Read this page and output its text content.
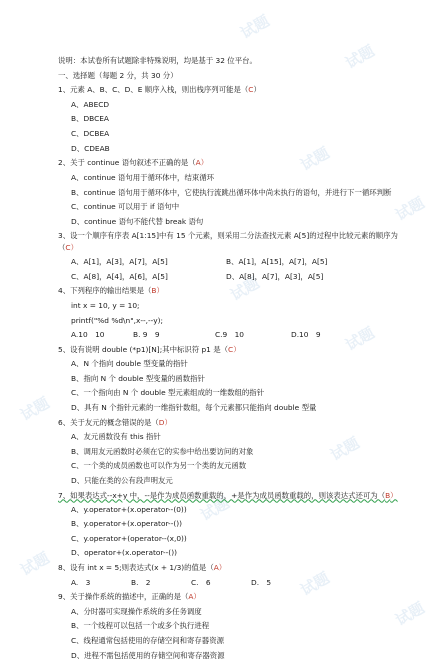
试题
试题
试题
试题
试题
试题
试题
试题
试题
试题
试题
试题
说明：本试卷所有试题除非特殊说明，均是基于 32 位平台。
一、选择题（每题 2 分，共 30 分）
1、元素 A、B、C、D、E 顺序入栈，则出栈序列可能是（C）
A、ABECD
B、DBCEA
C、DCBEA
D、CDEAB
2、关于 continue 语句叙述不正确的是（A）
A、continue 语句用于循环体中，结束循环
B、continue 语句用于循环体中，它使执行流跳出循环体中尚未执行的语句，并进行下一循环判断
C、continue 可以用于 if 语句中
D、continue 语句不能代替 break 语句
3、设一个顺序有序表 A[1:15]中有 15 个元素，则采用二分法查找元素 A[5]的过程中比较元素的顺序为（C）
A、A[1]，A[3]，A[7]，A[5]	B、A[1]，A[15]，A[7]，A[5]
C、A[8]，A[4]，A[6]，A[5]	D、A[8]，A[7]，A[3]，A[5]
4、下列程序的输出结果是（B）
int x = 10, y = 10;
printf("%d %d\n",x--,--y);
A.10　10	B. 9　9	C.9　10	D.10　9
5、设有说明 double (*p1)[N];其中标识符 p1 是（C）
A、N 个指向 double 型变量的指针
B、指向 N 个 double 型变量的函数指针
C、一个指向由 N 个 double 型元素组成的一维数组的指针
D、具有 N 个指针元素的一维指针数组，每个元素都只能指向 double 型量
6、关于友元的概念错误的是（D）
A、友元函数没有 this 指针
B、调用友元函数时必须在它的实参中给出要访问的对象
C、一个类的成员函数也可以作为另一个类的友元函数
D、只能在类的公有段声明友元
7、如果表达式--x+y 中，--是作为成员函数重载的，+是作为成员函数重载的，则该表达式还可为（B）
A、y.operator+(x.operator--(0))
B、y.operator+(x.operator--())
C、y.operator+(operator--(x,0))
D、operator+(x.operator--())
8、设有 int x = 5;则表达式(x + 1/3)的值是（A）
A.　3	B.　2	C.　6	D.　5
9、关于操作系统的描述中，正确的是（A）
A、分时器可实现操作系统的多任务调度
B、一个线程可以包括一个或多个执行进程
C、线程通常包括使用的存储空间和寄存器资源
D、进程不需包括使用的存储空间和寄存器资源
